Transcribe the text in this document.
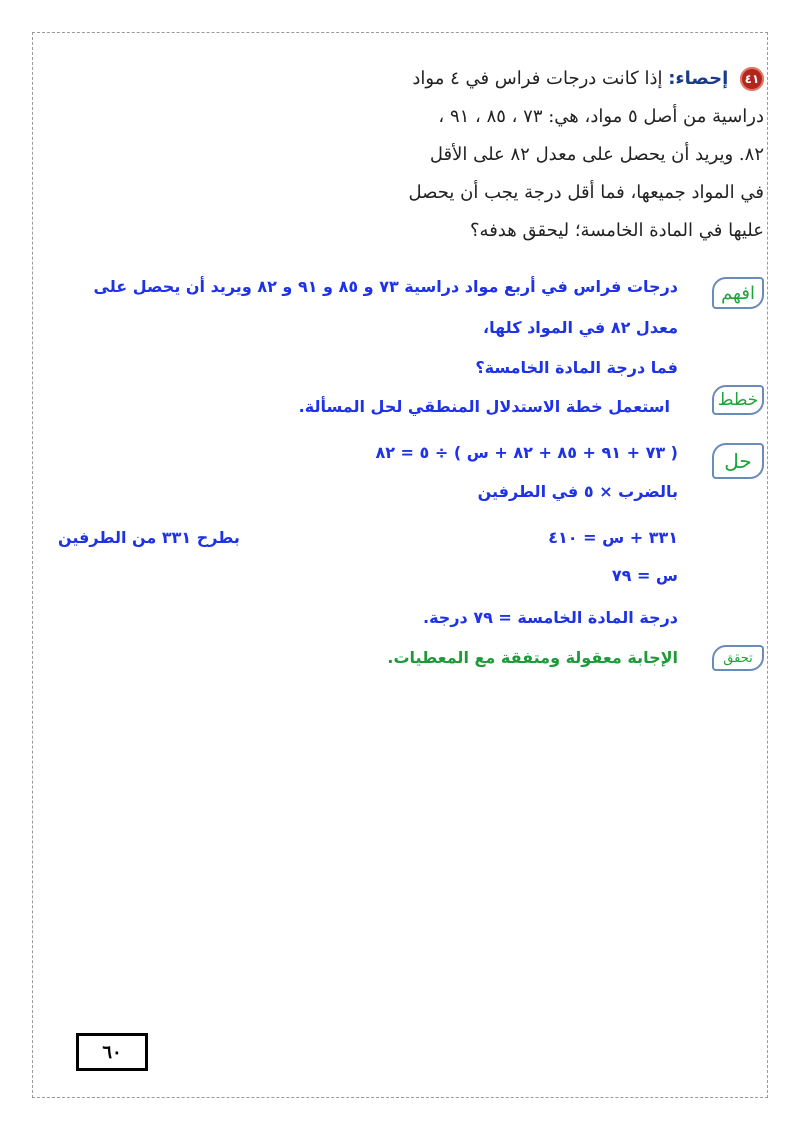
٤١ إحصاء: إذا كانت درجات فراس في ٤ مواد
دراسية من أصل ٥ مواد، هي: ٧٣ ، ٨٥ ، ٩١ ،
٨٢. ويريد أن يحصل على معدل ٨٢ على الأقل
في المواد جميعها، فما أقل درجة يجب أن يحصل
عليها في المادة الخامسة؛ ليحقق هدفه؟
افهم
درجات فراس في أربع مواد دراسية ٧٣ و ٨٥ و ٩١ و ٨٢ ويريد أن يحصل على
معدل ٨٢ في المواد كلها،
فما درجة المادة الخامسة؟
خطط
استعمل خطة الاستدلال المنطقي لحل المسألة.
حل
( ٧٣ + ٩١ + ٨٥ + ٨٢ + س ) ÷ ٥ = ٨٢
بالضرب × ٥ في الطرفين
٣٣١ + س = ٤١٠
بطرح ٣٣١ من الطرفين
س = ٧٩
درجة المادة الخامسة = ٧٩ درجة.
تحقق
الإجابة معقولة ومتفقة مع المعطيات.
٦٠
